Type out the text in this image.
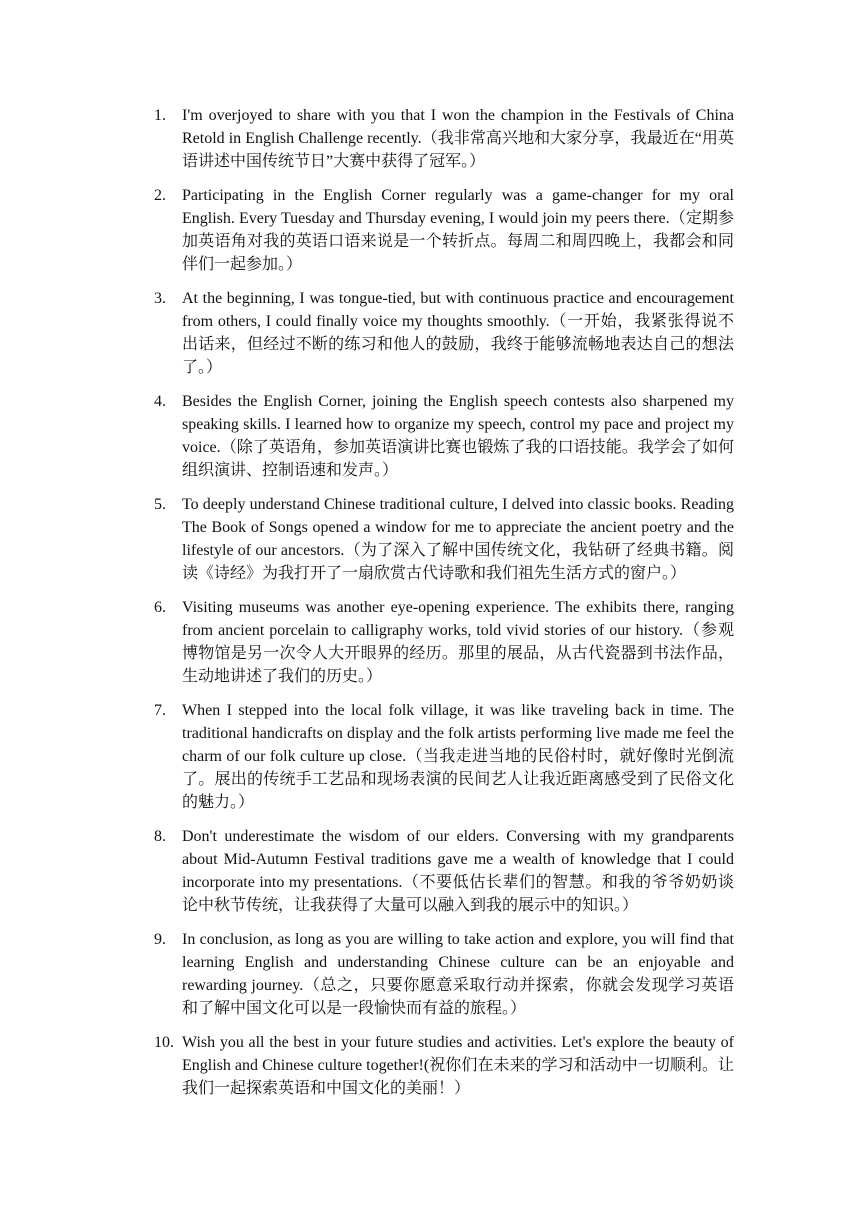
1.	I'm overjoyed to share with you that I won the champion in the Festivals of China Retold in English Challenge recently.（我非常高兴地和大家分享，我最近在“用英语讲述中国传统节日”大赛中获得了冠军。）
2.	Participating in the English Corner regularly was a game-changer for my oral English. Every Tuesday and Thursday evening, I would join my peers there.（定期参加英语角对我的英语口语来说是一个转折点。每周二和周四晚上，我都会和同伴们一起参加。）
3.	At the beginning, I was tongue-tied, but with continuous practice and encouragement from others, I could finally voice my thoughts smoothly.（一开始，我紧张得说不出话来，但经过不断的练习和他人的鼓励，我终于能够流畅地表达自己的想法了。）
4.	Besides the English Corner, joining the English speech contests also sharpened my speaking skills. I learned how to organize my speech, control my pace and project my voice.（除了英语角，参加英语演讲比赛也锻炼了我的口语技能。我学会了如何组织演讲、控制语速和发声。）
5.	To deeply understand Chinese traditional culture, I delved into classic books. Reading The Book of Songs opened a window for me to appreciate the ancient poetry and the lifestyle of our ancestors.（为了深入了解中国传统文化，我钻研了经典书籍。阅读《诗经》为我打开了一扇欣赏古代诗歌和我们祖先生活方式的窗户。）
6.	Visiting museums was another eye-opening experience. The exhibits there, ranging from ancient porcelain to calligraphy works, told vivid stories of our history.（参观博物馆是另一次令人大开眼界的经历。那里的展品，从古代瓷器到书法作品，生动地讲述了我们的历史。）
7.	When I stepped into the local folk village, it was like traveling back in time. The traditional handicrafts on display and the folk artists performing live made me feel the charm of our folk culture up close.（当我走进当地的民俗村时，就好像时光倒流了。展出的传统手工艺品和现场表演的民间艺人让我近距离感受到了民俗文化的魅力。）
8.	Don't underestimate the wisdom of our elders. Conversing with my grandparents about Mid-Autumn Festival traditions gave me a wealth of knowledge that I could incorporate into my presentations.（不要低估长辈们的智慧。和我的爷爷奶奶谈论中秋节传统，让我获得了大量可以融入到我的展示中的知识。）
9.	In conclusion, as long as you are willing to take action and explore, you will find that learning English and understanding Chinese culture can be an enjoyable and rewarding journey.（总之，只要你愿意采取行动并探索，你就会发现学习英语和了解中国文化可以是一段愉快而有益的旅程。）
10. Wish you all the best in your future studies and activities. Let's explore the beauty of English and Chinese culture together!(祝你们在未来的学习和活动中一切顺利。让我们一起探索英语和中国文化的美丽！）
